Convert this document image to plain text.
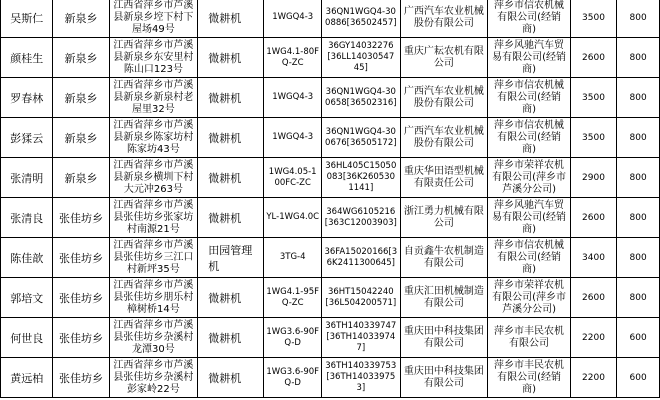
吴斯仁	新泉乡	江西省萍乡市芦溪县新泉乡埪下村下屋场49号	微耕机	1WGQ4-3	36QN1WGQ4-300886[36502457]	广西汽车农业机械股份有限公司	萍乡市信农机械有限公司(经销商)	3500	800
颜桂生	新泉乡	江西省萍乡市芦溪县新泉乡东安里村陈山口123号	微耕机	1WG4.1-80FQ-ZC	36GY14032276[36LL14030547 45]	重庆广耘农机有限公司	萍乡风驰汽车贸易有限公司(经销商)	2600	800
罗春林	新泉乡	江西省萍乡市芦溪县新泉乡新泉村老屋里32号	微耕机	1WGQ4-3	36QN1WGQ4-300658[36502316]	广西汽车农业机械股份有限公司	萍乡市信农机械有限公司(经销商)	3500	800
彭猱云	新泉乡	江西省萍乡市芦溪县新泉乡陈家坊村陈家坊43号	微耕机	1WGQ4-3	36QN1WGQ4-300676[36505172]	广西汽车农业机械股份有限公司	萍乡市信农机械有限公司(经销商)	3500	800
张清明	新泉乡	江西省萍乡市芦溪县新泉乡横圳下村大元冲263号	微耕机	1WG4.05-100FC-ZC	36HL405C15050083[36K2605301141]	重庆华田语型机械有限责任公司	萍乡市荣祥农机有限公司(萍乡市芦溪分公司)	2900	800
张清良	张佳坊乡	江西省萍乡市芦溪县张佳坊乡张家坊村南源21号	微耕机	YL-1WG4.0C	364WG6105216[363C12003903]	浙江勇力机械有限公司	萍乡风驰汽车贸易有限公司(经销商)	2600	800
陈佳歆	张佳坊乡	江西省萍乡市芦溪县张佳坊乡三江口村新坪35号	田园管理机	3TG-4	36FA15020166[36K2411300645]	自贡鑫牛农机制造有限公司	萍乡市信农机械有限公司(经销商)	3400	800
郭培文	张佳坊乡	江西省萍乡市芦溪县张佳坊乡朋乐村樟树桥14号	微耕机	1WG4.1-95FQ-ZC	36HT15042240[36L504200571]	重庆汇田机械制造有限公司	萍乡市荣祥农机有限公司(萍乡市芦溪分公司)	2600	800
何世良	张佳坊乡	江西省萍乡市芦溪县张佳坊乡杂溪村龙潭30号	微耕机	1WG3.6-90FQ-D	36TH140339747[36TH140339747]	重庆田中科技集团有限公司	萍乡市丰民农机有限公司	2200	600
黄远柏	张佳坊乡	江西省萍乡市芦溪县张佳坊乡杂溪村彭家岭22号	微耕机	1WG3.6-90FQ-D	36TH140339753[36TH140339753]	重庆田中科技集团有限公司	萍乡市丰民农机有限公司(经销商)	2200	600
